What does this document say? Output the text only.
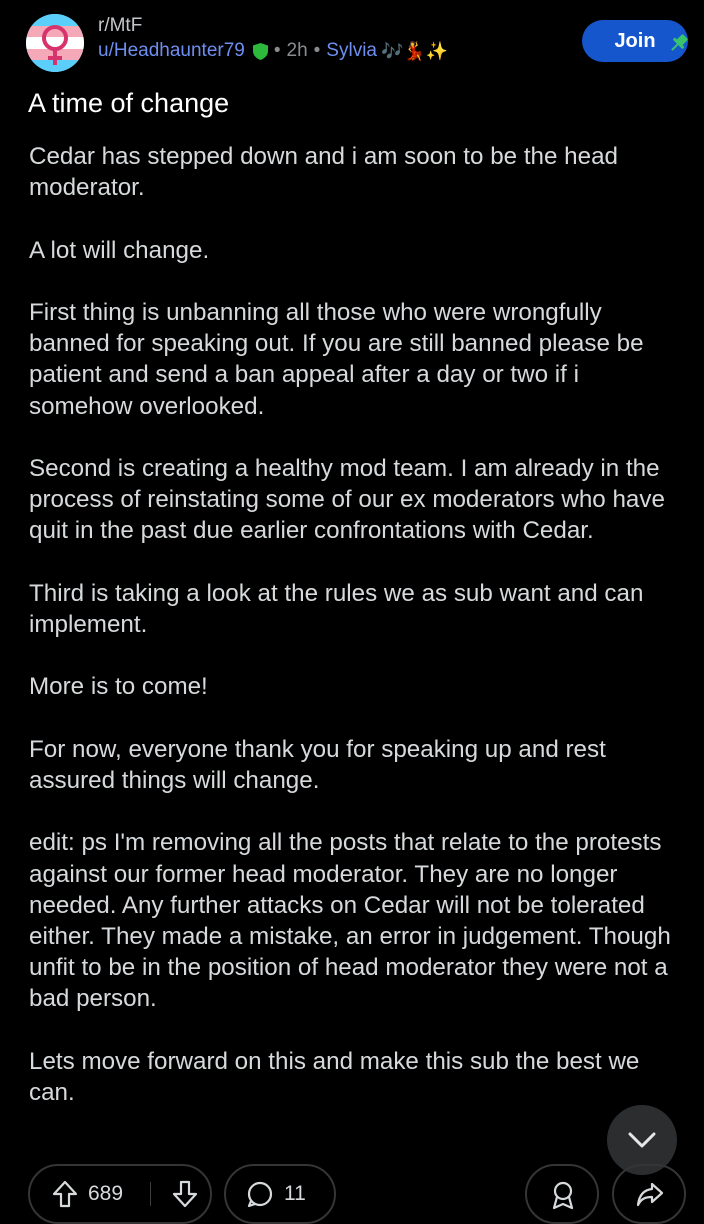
r/MtF
u/Headhaunter79 • 2h • Sylvia 🎶💃✨	Join
A time of change

Cedar has stepped down and i am soon to be the head moderator.

A lot will change.

First thing is unbanning all those who were wrongfully banned for speaking out. If you are still banned please be patient and send a ban appeal after a day or two if i somehow overlooked.

Second is creating a healthy mod team. I am already in the process of reinstating some of our ex moderators who have quit in the past due earlier confrontations with Cedar.

Third is taking a look at the rules we as sub want and can implement.

More is to come!

For now, everyone thank you for speaking up and rest assured things will change.

edit: ps I'm removing all the posts that relate to the protests against our former head moderator. They are no longer needed. Any further attacks on Cedar will not be tolerated either. They made a mistake, an error in judgement. Though unfit to be in the position of head moderator they were not a bad person.

Lets move forward on this and make this sub the best we can.

689	11
